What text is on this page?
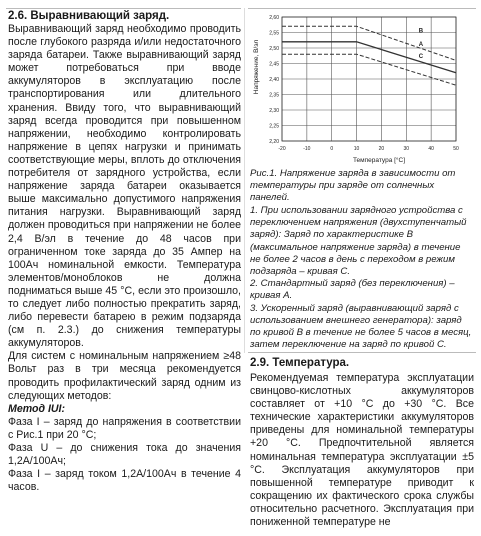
2.6. Выравнивающий заряд.

Выравнивающий заряд необходимо проводить после глубокого разряда и/или недостаточного заряда батареи. Также выравнивающий заряд может потребоваться при вводе аккумуляторов в эксплуатацию после транспортирования или длительного хранения. Ввиду того, что выравнивающий заряд всегда проводится при повышенном напряжении, необходимо контролировать напряжение в цепях нагрузки и принимать соответствующие меры, вплоть до отключения потребителя от зарядного устройства, если напряжение заряда батареи оказывается выше максимально допустимого напряжения питания нагрузки. Выравнивающий заряд должен проводиться при напряжении не более 2,4 В/эл в течение до 48 часов при ограниченном токе заряда до 35 Ампер на 100Ач номинальной емкости. Температура элементов/моноблоков не должна подниматься выше 45 °С, если это произошло, то следует либо полностью прекратить заряд, либо перевести батарею в режим подзаряда (см п. 2.3.) до снижения температуры аккумуляторов.

Для систем с номинальным напряжением ≥48 Вольт раз в три месяца рекомендуется проводить профилактический заряд одним из следующих методов:

Метод IUI:

Фаза I – заряд до напряжения в соответствии с Рис.1 при 20 °С;

Фаза U – до снижения тока до значения 1,2А/100Ач;

Фаза I – заряд током 1,2А/100Ач в течение 4 часов.

-20	-10	0	10	20	30	40	50
2,20
2,25
2,30
2,35
2,40
2,45
2,50
2,55
2,60
B
A
C
Температура [°C]
Напряжение, В/эл
Рис.1. Напряжение заряда в зависимости от температуры при заряде от солнечных панелей.

1. При использовании зарядного устройства с переключением напряжения (двухступенчатый заряд): Заряд по характеристике B (максимальное напряжение заряда) в течение не более 2 часов в день с переходом в режим подзаряда – кривая С.

2. Стандартный заряд (без переключения) – кривая А.

3. Ускоренный заряд (выравнивающий заряд с использованием внешнего генератора): заряд по кривой B в течение не более 5 часов в месяц, затем переключение на заряд по кривой С.

2.9. Температура.

Рекомендуемая температура эксплуатации свинцово-кислотных аккумуляторов составляет от +10 °С до +30 °С. Все технические характеристики аккумуляторов приведены для номинальной температуры +20 °С. Предпочтительной является номинальная температура эксплуатации ±5 °С. Эксплуатация аккумуляторов при повышенной температуре приводит к сокращению их фактического срока службы относительно расчетного. Эксплуатация при пониженной температуре не
